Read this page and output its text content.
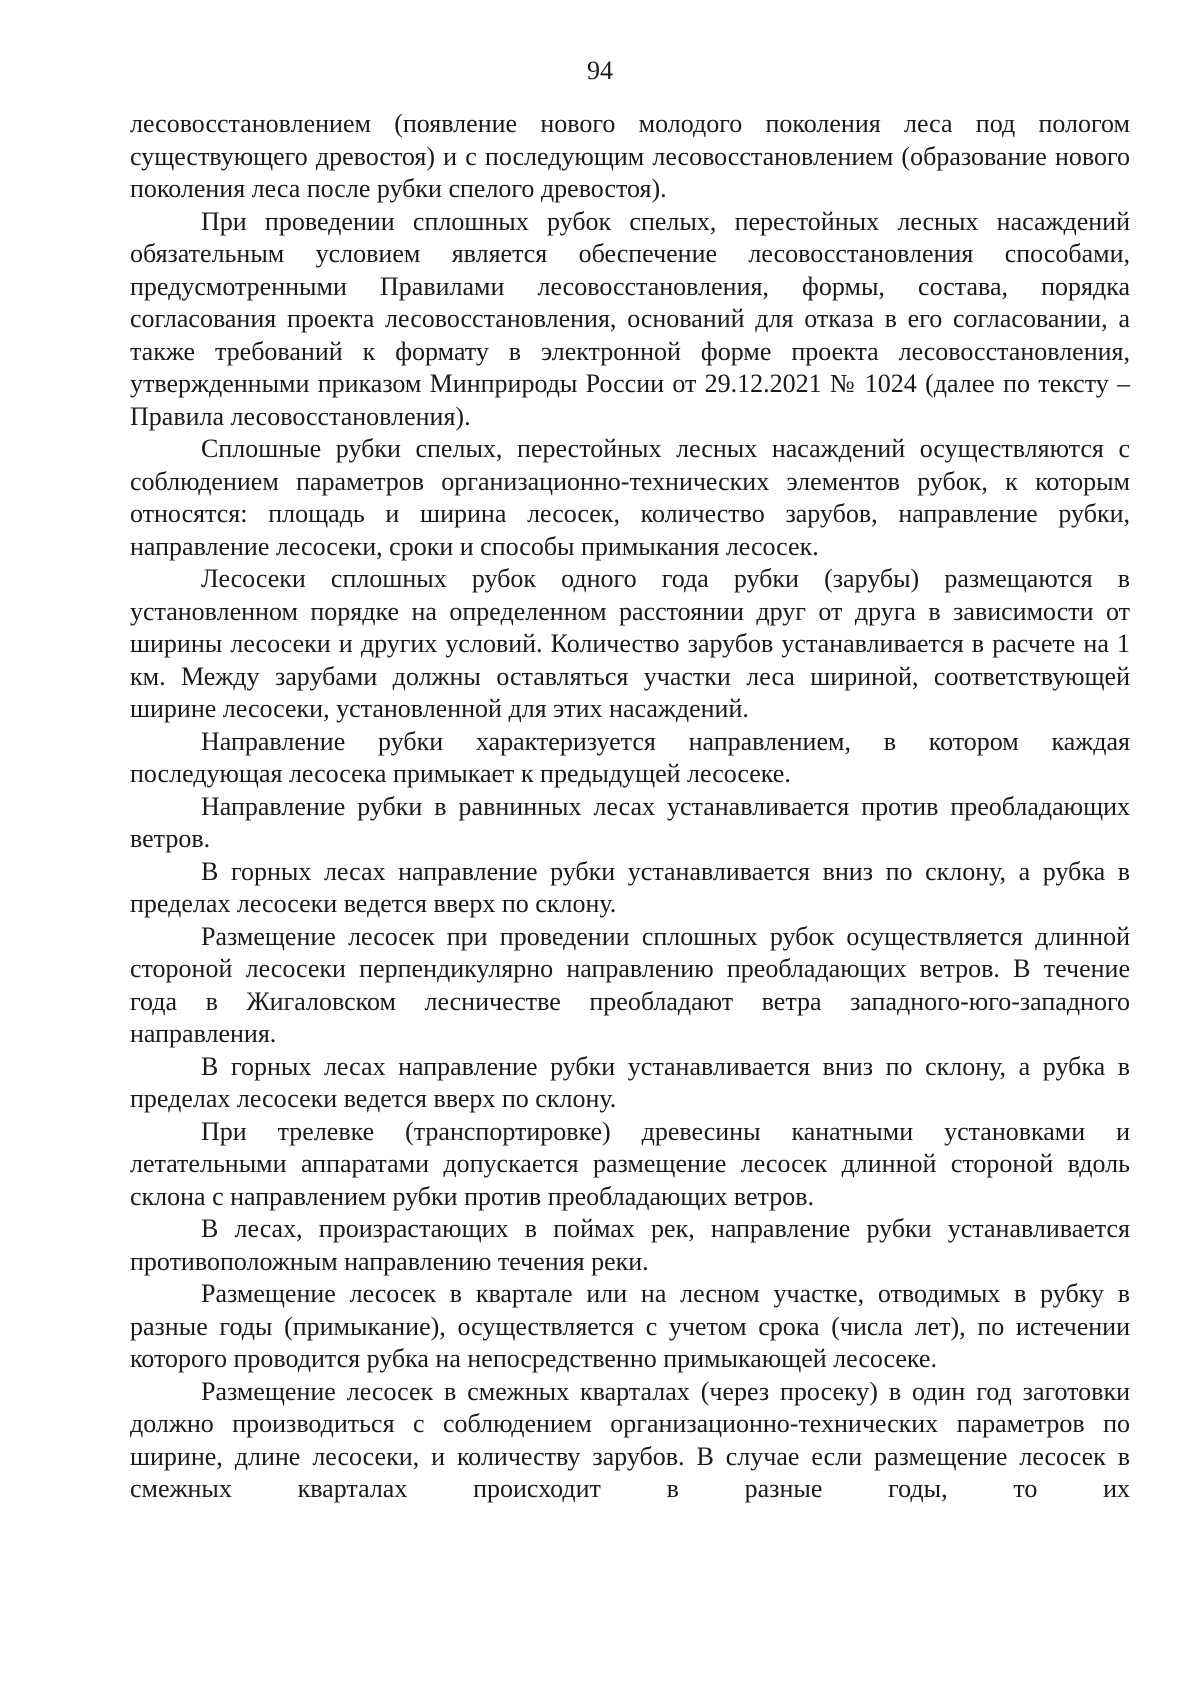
94

лесовосстановлением (появление нового молодого поколения леса под пологом существующего древостоя) и с последующим лесовосстановлением (образование нового поколения леса после рубки спелого древостоя).

При проведении сплошных рубок спелых, перестойных лесных насаждений обязательным условием является обеспечение лесовосстановления способами, предусмотренными Правилами лесовосстановления, формы, состава, порядка согласования проекта лесовосстановления, оснований для отказа в его согласовании, а также требований к формату в электронной форме проекта лесовосстановления, утвержденными приказом Минприроды России от 29.12.2021 № 1024 (далее по тексту – Правила лесовосстановления).

Сплошные рубки спелых, перестойных лесных насаждений осуществляются с соблюдением параметров организационно-технических элементов рубок, к которым относятся: площадь и ширина лесосек, количество зарубов, направление рубки, направление лесосеки, сроки и способы примыкания лесосек.

Лесосеки сплошных рубок одного года рубки (зарубы) размещаются в установленном порядке на определенном расстоянии друг от друга в зависимости от ширины лесосеки и других условий. Количество зарубов устанавливается в расчете на 1 км. Между зарубами должны оставляться участки леса шириной, соответствующей ширине лесосеки, установленной для этих насаждений.

Направление рубки характеризуется направлением, в котором каждая последующая лесосека примыкает к предыдущей лесосеке.

Направление рубки в равнинных лесах устанавливается против преобладающих ветров.

В горных лесах направление рубки устанавливается вниз по склону, а рубка в пределах лесосеки ведется вверх по склону.

Размещение лесосек при проведении сплошных рубок осуществляется длинной стороной лесосеки перпендикулярно направлению преобладающих ветров. В течение года в Жигаловском лесничестве преобладают ветра западного-юго-западного направления.

В горных лесах направление рубки устанавливается вниз по склону, а рубка в пределах лесосеки ведется вверх по склону.

При трелевке (транспортировке) древесины канатными установками и летательными аппаратами допускается размещение лесосек длинной стороной вдоль склона с направлением рубки против преобладающих ветров.

В лесах, произрастающих в поймах рек, направление рубки устанавливается противоположным направлению течения реки.

Размещение лесосек в квартале или на лесном участке, отводимых в рубку в разные годы (примыкание), осуществляется с учетом срока (числа лет), по истечении которого проводится рубка на непосредственно примыкающей лесосеке.

Размещение лесосек в смежных кварталах (через просеку) в один год заготовки должно производиться с соблюдением организационно-технических параметров по ширине, длине лесосеки, и количеству зарубов. В случае если размещение лесосек в смежных кварталах происходит в разные годы, то их
